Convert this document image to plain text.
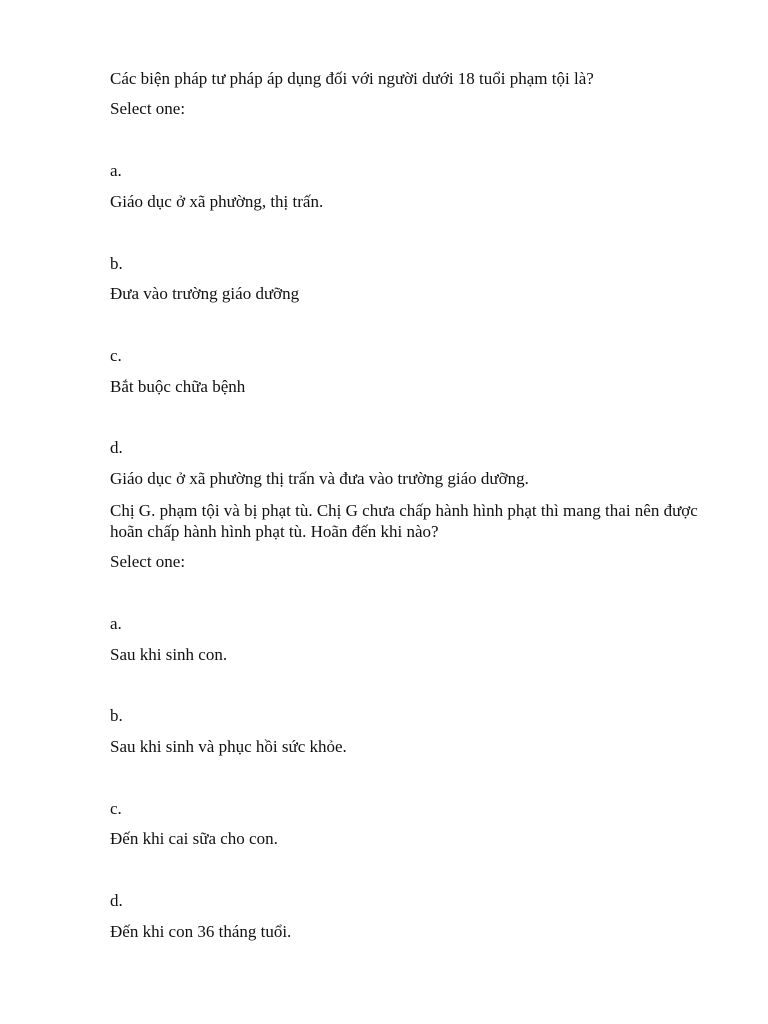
Các biện pháp tư pháp áp dụng đối với người dưới 18 tuổi phạm tội là?
Select one:
a.
Giáo dục ở xã phường, thị trấn.
b.
Đưa vào trường giáo dưỡng
c.
Bắt buộc chữa bệnh
d.
Giáo dục ở xã phường thị trấn và đưa vào trường giáo dưỡng.
Chị G. phạm tội và bị phạt tù. Chị G chưa chấp hành hình phạt thì mang thai nên được hoãn chấp hành hình phạt tù. Hoãn đến khi nào?
Select one:
a.
Sau khi sinh con.
b.
Sau khi sinh và phục hồi sức khỏe.
c.
Đến khi cai sữa cho con.
d.
Đến khi con 36 tháng tuổi.
